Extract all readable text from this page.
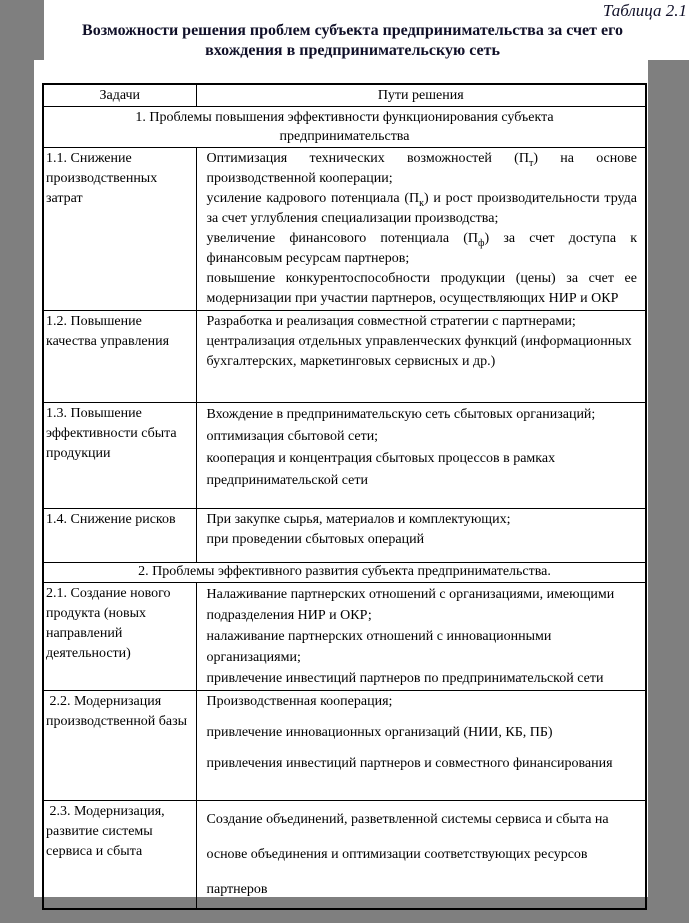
Таблица 2.1
Возможности решения проблем субъекта предпринимательства за счет его
вхождения в предпринимательскую сеть
Задачи	Пути решения
1. Проблемы повышения эффективности функционирования субъекта предпринимательства	
1.1. Снижение производственных затрат	Оптимизация технических возможностей $(П_т)$ на основе производственной кооперации;
усиление кадрового потенциала $(П_к)$ и рост производительности труда за счет углубления специализации производства;
увеличение финансового потенциала $(П_ф)$ за счет доступа к финансовым ресурсам партнеров;
повышение конкурентоспособности продукции (цены) за счет ее модернизации при участии партнеров, осуществляющих НИР и ОКР

1.2. Повышение качества управления	Разработка и реализация совместной стратегии с партнерами;
централизация отдельных управленческих функций (информационных бухгалтерских, маркетинговых сервисных и др.)

1.3. Повышение эффективности сбыта продукции	Вхождение в предпринимательскую сеть сбытовых организаций;
оптимизация сбытовой сети;
кооперация и концентрация сбытовых процессов в рамках предпринимательской сети

1.4. Снижение рисков	При закупке сырья, материалов и комплектующих;
при проведении сбытовых операций

2. Проблемы эффективного развития субъекта предпринимательства.	
2.1. Создание нового продукта (новых направлений деятельности)	Налаживание партнерских отношений с организациями, имеющими подразделения НИР и ОКР;
налаживание партнерских отношений с инновационными организациями;
привлечение инвестиций партнеров по предпринимательской сети

2.2. Модернизация производственной базы	Производственная кооперация;
привлечение инновационных организаций (НИИ, КБ, ПБ)
привлечения инвестиций партнеров и совместного финансирования

2.3. Модернизация, развитие системы сервиса и сбыта	Создание объединений, разветвленной системы сервиса и сбыта на основе объединения и оптимизации соответствующих ресурсов партнеров
